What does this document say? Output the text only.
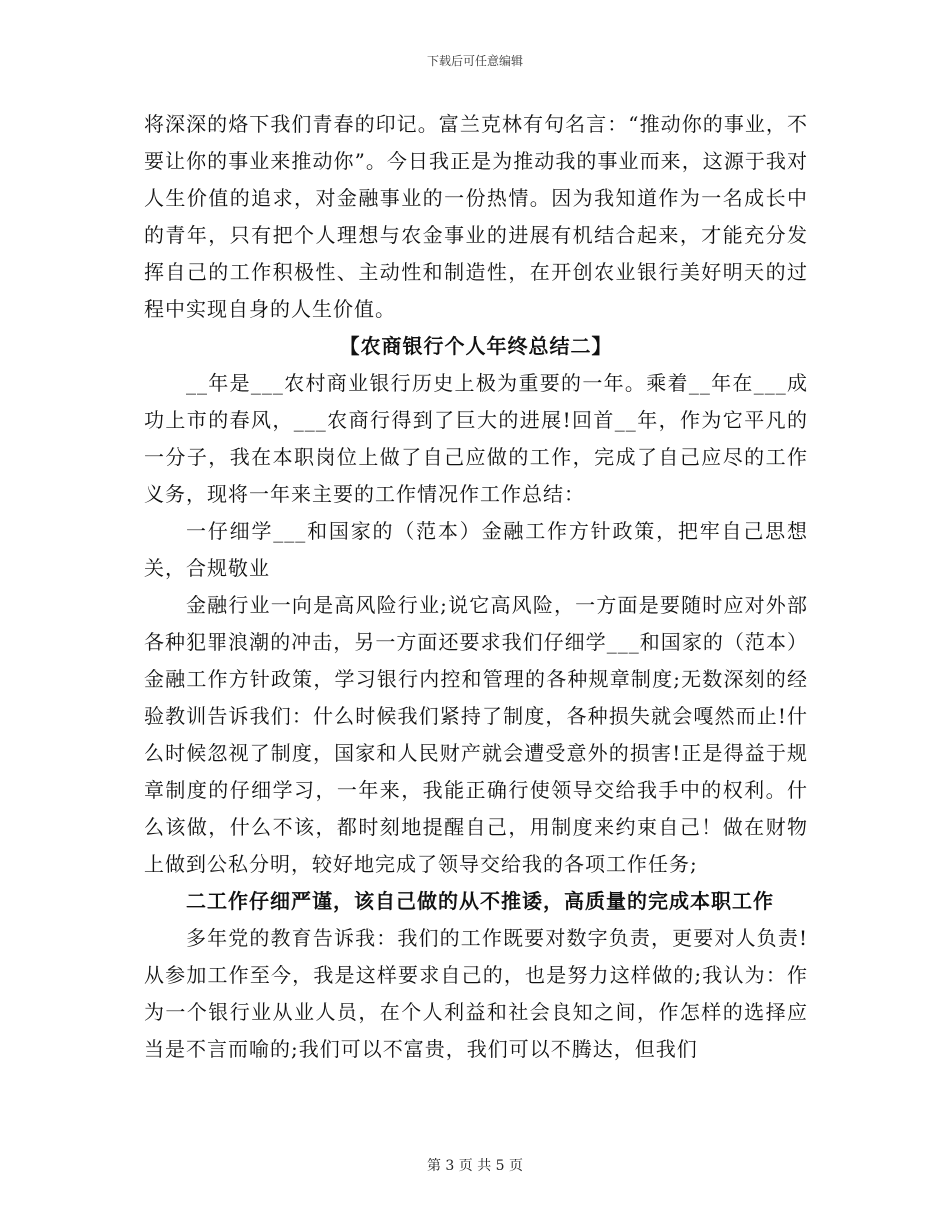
下载后可任意编辑

将深深的烙下我们青春的印记。富兰克林有句名言：“推动你的事业，不要让你的事业来推动你”。今日我正是为推动我的事业而来，这源于我对人生价值的追求，对金融事业的一份热情。因为我知道作为一名成长中的青年，只有把个人理想与农金事业的进展有机结合起来，才能充分发挥自己的工作积极性、主动性和制造性，在开创农业银行美好明天的过程中实现自身的人生价值。

【农商银行个人年终总结二】

__年是___农村商业银行历史上极为重要的一年。乘着__年在___成功上市的春风，___农商行得到了巨大的进展!回首__年，作为它平凡的一分子，我在本职岗位上做了自己应做的工作，完成了自己应尽的工作义务，现将一年来主要的工作情况作工作总结：

一仔细学___和国家的（范本）金融工作方针政策，把牢自己思想关，合规敬业

金融行业一向是高风险行业;说它高风险，一方面是要随时应对外部各种犯罪浪潮的冲击，另一方面还要求我们仔细学___和国家的（范本）金融工作方针政策，学习银行内控和管理的各种规章制度;无数深刻的经验教训告诉我们：什么时候我们紧持了制度，各种损失就会嘎然而止!什么时候忽视了制度，国家和人民财产就会遭受意外的损害!正是得益于规章制度的仔细学习，一年来，我能正确行使领导交给我手中的权利。什么该做，什么不该，都时刻地提醒自己，用制度来约束自己！做在财物上做到公私分明，较好地完成了领导交给我的各项工作任务;

二工作仔细严谨，该自己做的从不推诿，高质量的完成本职工作

多年党的教育告诉我：我们的工作既要对数字负责，更要对人负责!从参加工作至今，我是这样要求自己的，也是努力这样做的;我认为：作为一个银行业从业人员，在个人利益和社会良知之间，作怎样的选择应当是不言而喻的;我们可以不富贵，我们可以不腾达，但我们

第 3 页 共 5 页
